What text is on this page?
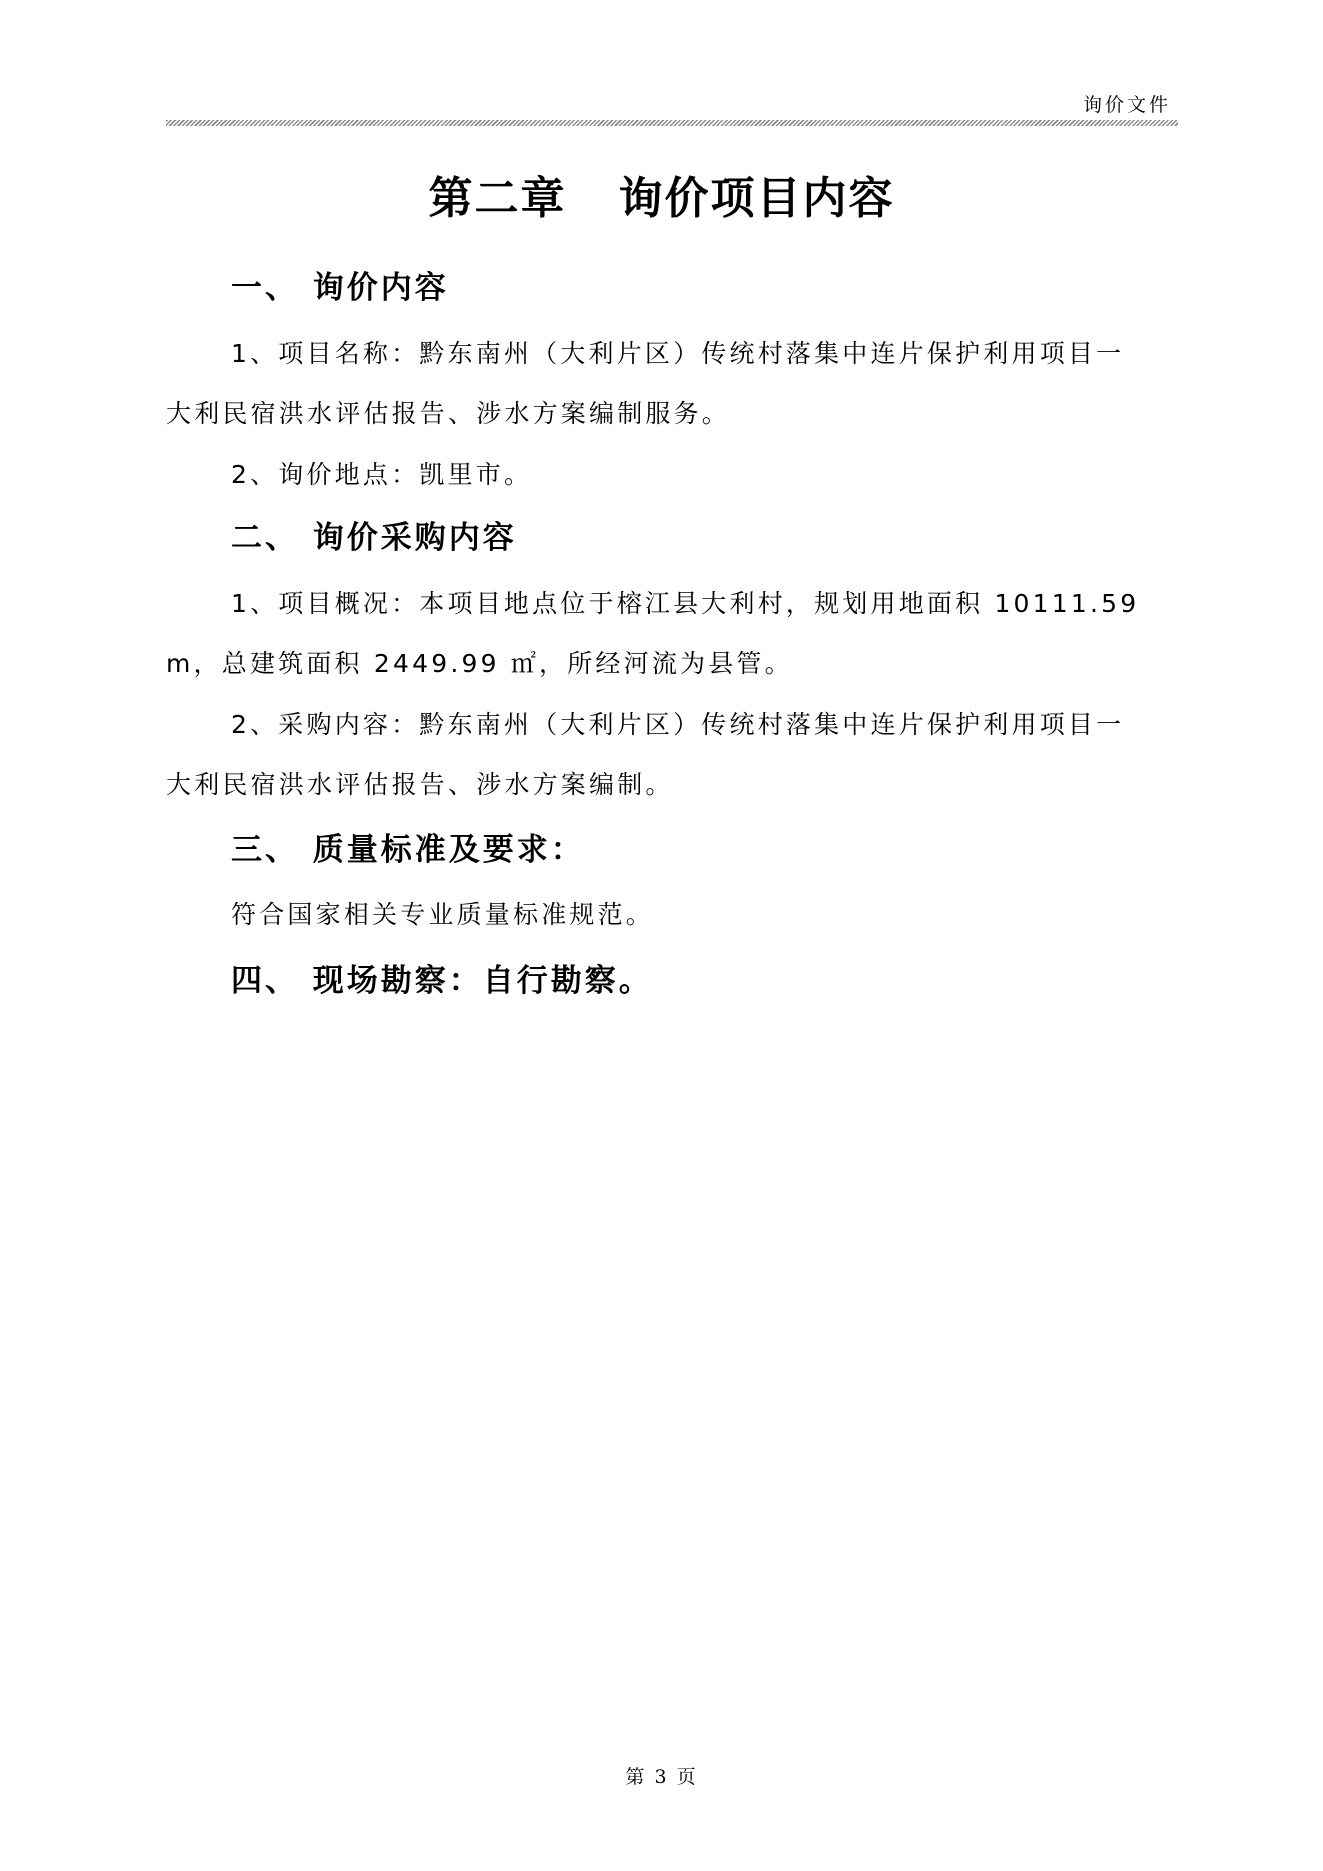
询价文件
第二章   询价项目内容
一、 询价内容
1、项目名称：黔东南州（大利片区）传统村落集中连片保护利用项目一
大利民宿洪水评估报告、涉水方案编制服务。
2、询价地点：凯里市。
二、 询价采购内容
1、项目概况：本项目地点位于榕江县大利村，规划用地面积 10111.59
m，总建筑面积 2449.99 ㎡，所经河流为县管。
2、采购内容：黔东南州（大利片区）传统村落集中连片保护利用项目一
大利民宿洪水评估报告、涉水方案编制。
三、 质量标准及要求：
符合国家相关专业质量标准规范。
四、 现场勘察：自行勘察。
第 3 页
